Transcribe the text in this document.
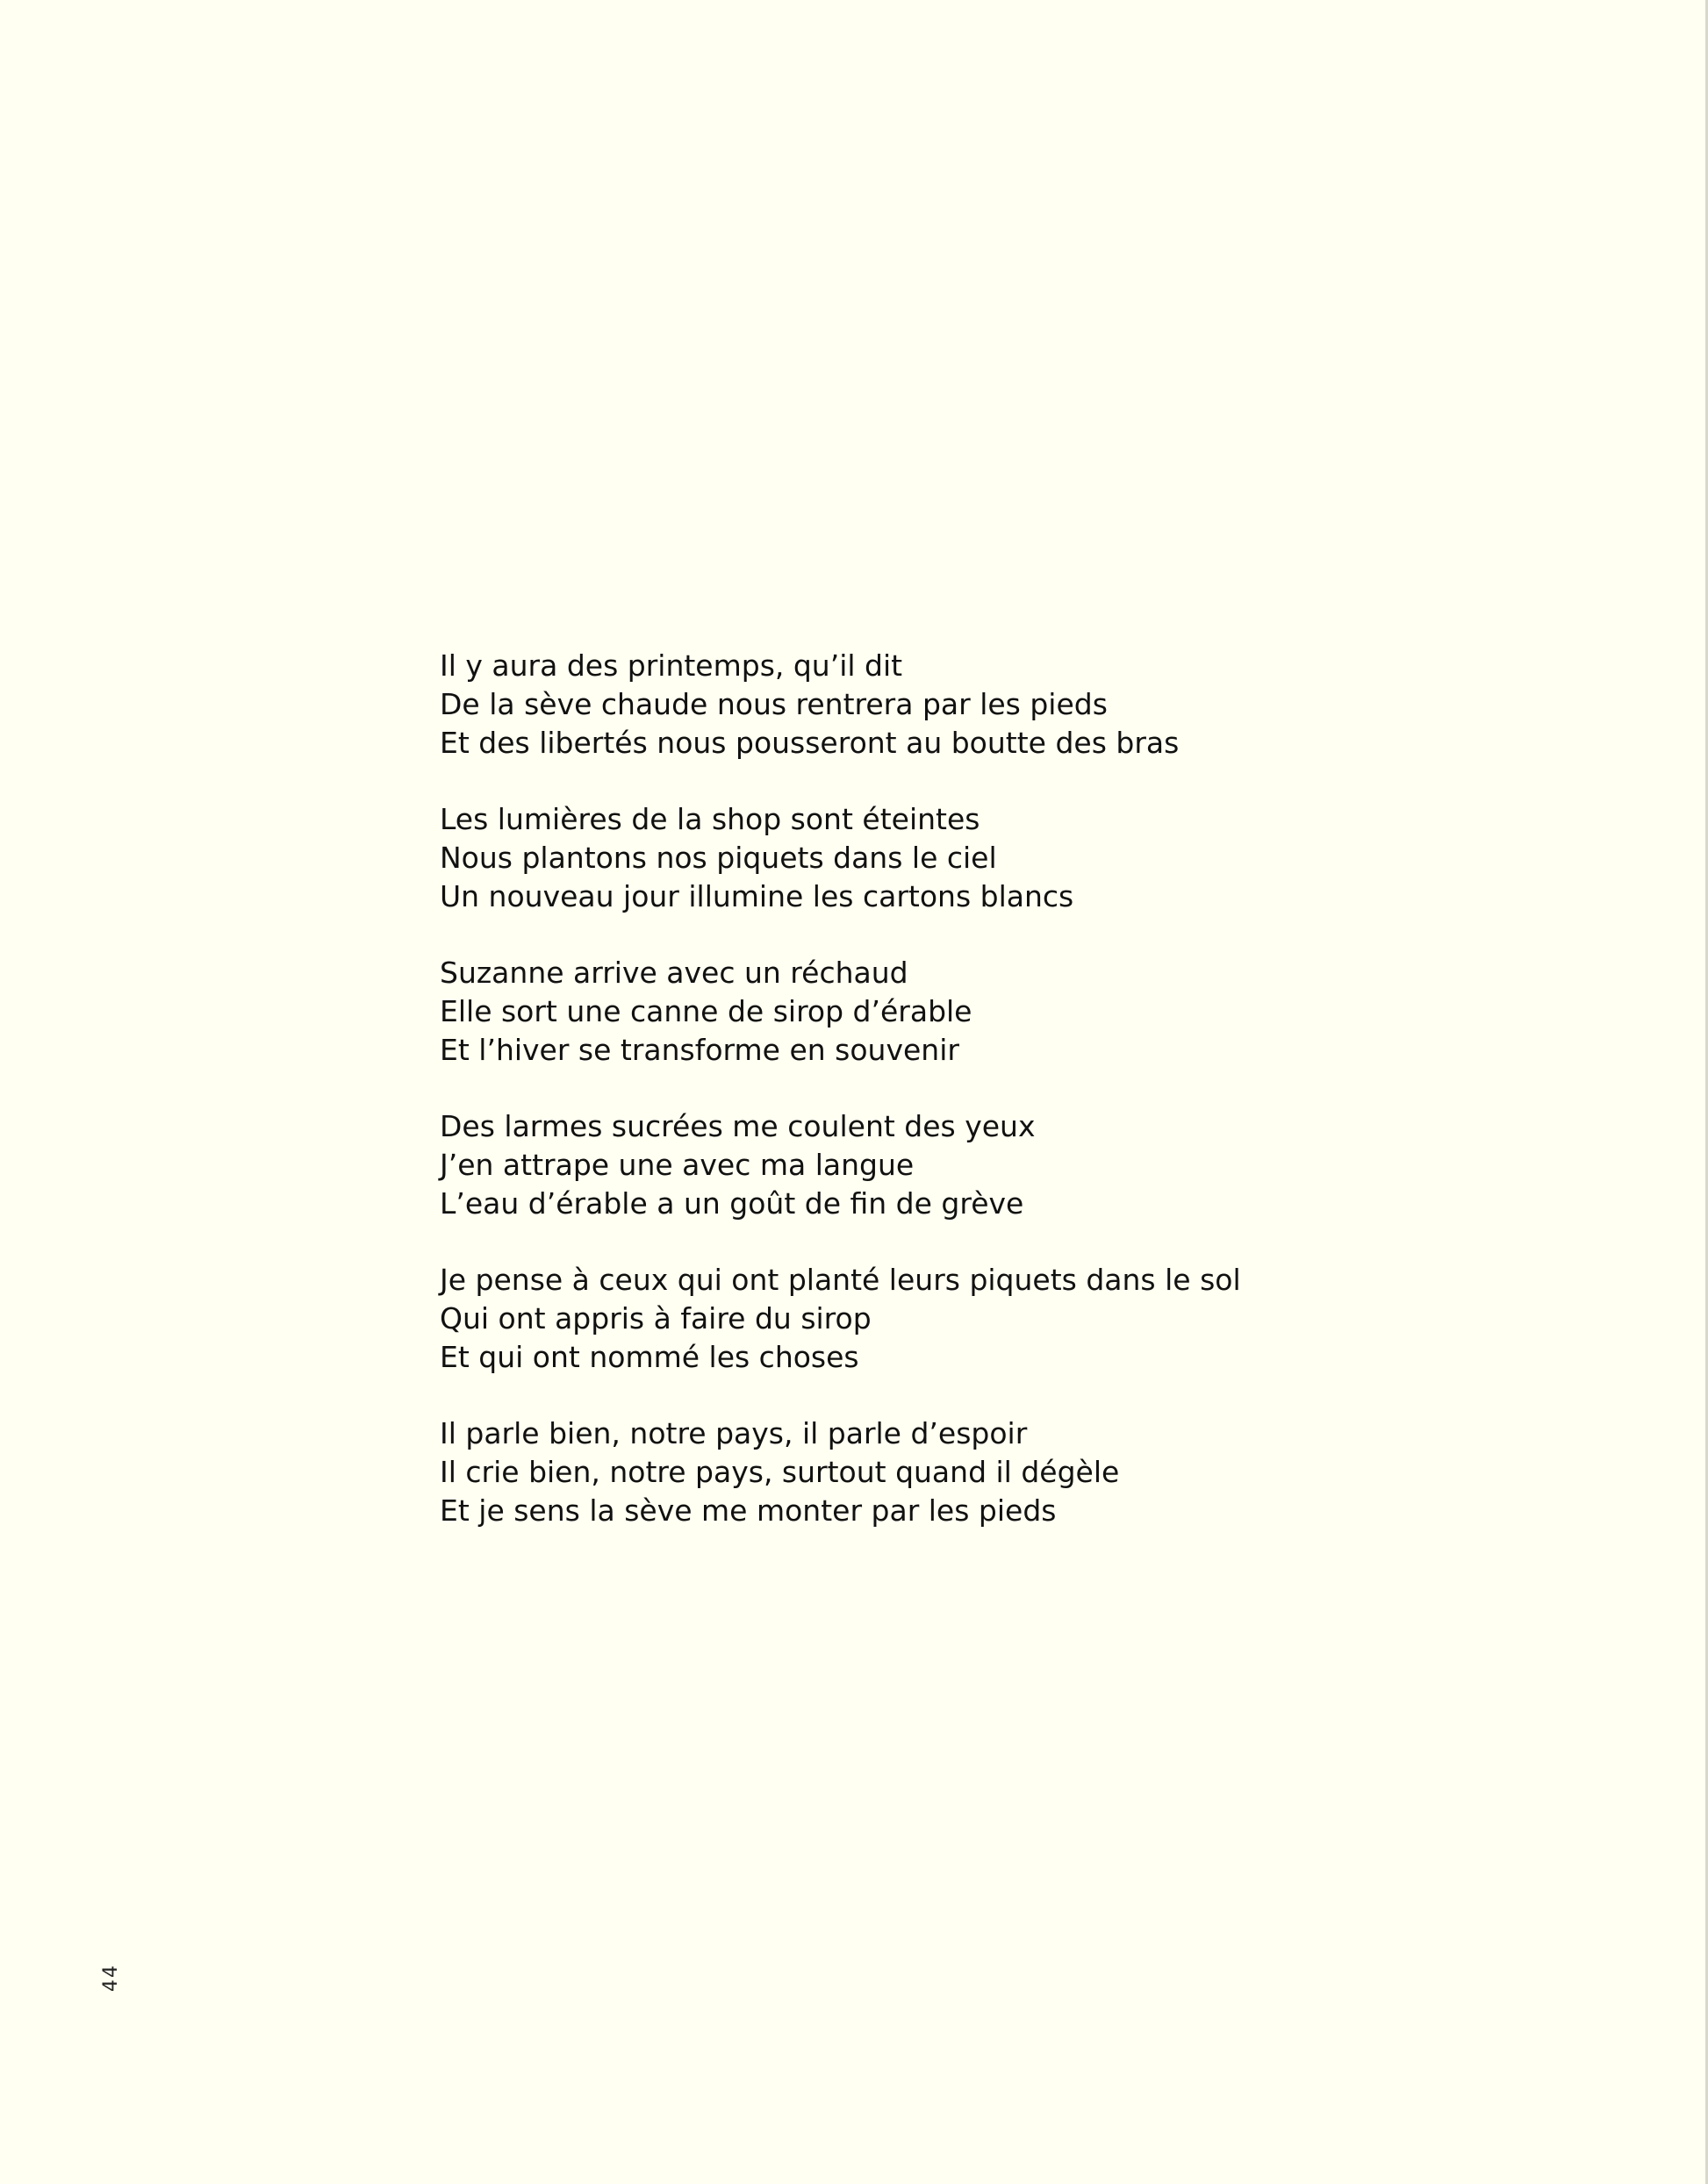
Il y aura des printemps, qu’il dit
De la sève chaude nous rentrera par les pieds
Et des libertés nous pousseront au boutte des bras
Les lumières de la shop sont éteintes
Nous plantons nos piquets dans le ciel
Un nouveau jour illumine les cartons blancs
Suzanne arrive avec un réchaud
Elle sort une canne de sirop d’érable
Et l’hiver se transforme en souvenir
Des larmes sucrées me coulent des yeux
J’en attrape une avec ma langue
L’eau d’érable a un goût de fin de grève
Je pense à ceux qui ont planté leurs piquets dans le sol
Qui ont appris à faire du sirop
Et qui ont nommé les choses
Il parle bien, notre pays, il parle d’espoir
Il crie bien, notre pays, surtout quand il dégèle
Et je sens la sève me monter par les pieds
44
